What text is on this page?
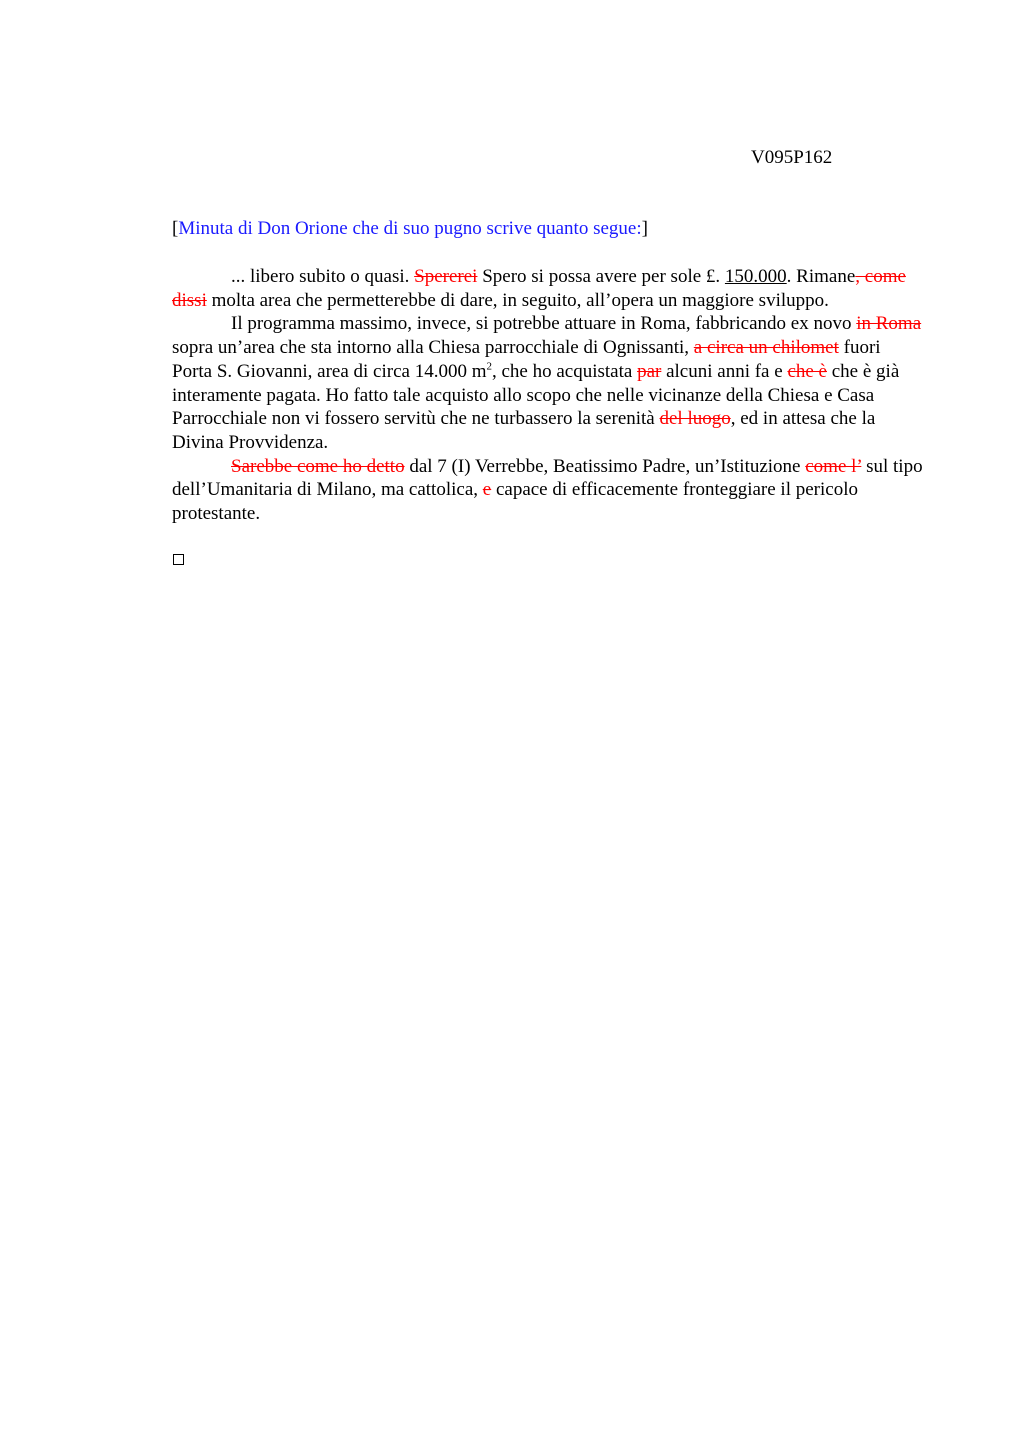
V095P162
[Minuta di Don Orione che di suo pugno scrive quanto segue:]

... libero subito o quasi. Spererei Spero si possa avere per sole £. 150.000. Rimane, come dissi molta area che permetterebbe di dare, in seguito, all’opera un maggiore sviluppo.

Il programma massimo, invece, si potrebbe attuare in Roma, fabbricando ex novo in Roma sopra un’area che sta intorno alla Chiesa parrocchiale di Ognissanti, a circa un chilomet fuori Porta S. Giovanni, area di circa 14.000 $m^2$, che ho acquistata par alcuni anni fa e che è che è già interamente pagata. Ho fatto tale acquisto allo scopo che nelle vicinanze della Chiesa e Casa Parrocchiale non vi fossero servitù che ne turbassero la serenità del luogo, ed in attesa che la Divina Provvidenza.

Sarebbe come ho detto dal 7 (I) Verrebbe, Beatissimo Padre, un’Istituzione come l’ sul tipo dell’Umanitaria di Milano, ma cattolica, e capace di efficacemente fronteggiare il pericolo protestante.
